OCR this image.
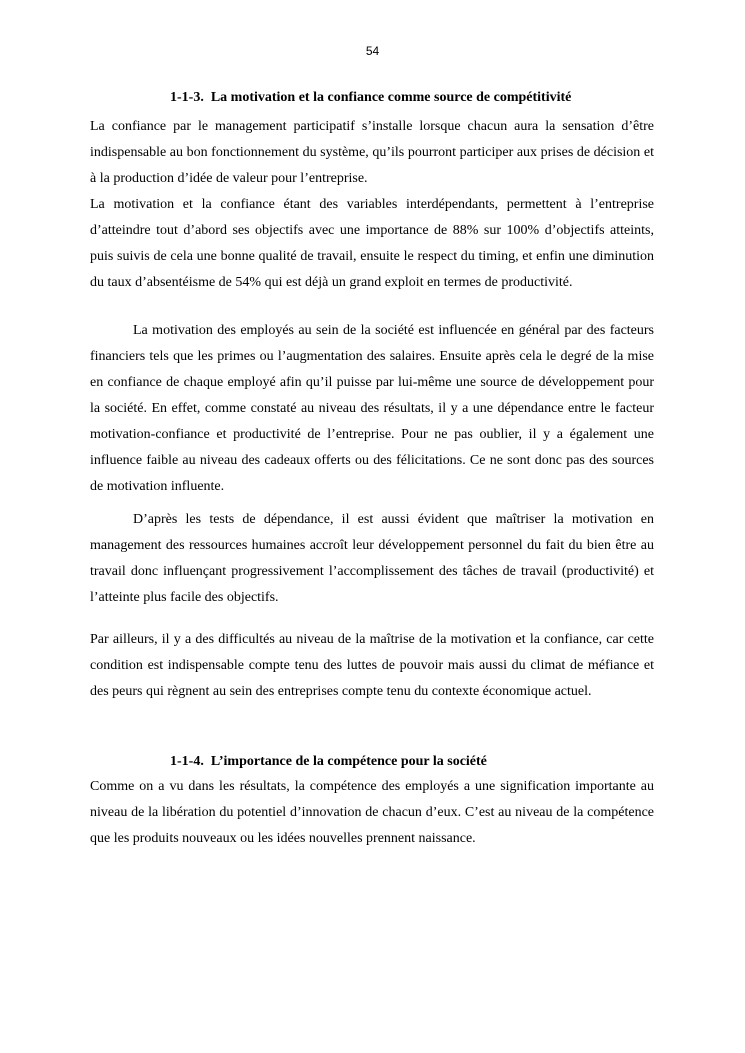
54
1-1-3. La motivation et la confiance comme source de compétitivité

La confiance par le management participatif s’installe lorsque chacun aura la sensation d’être indispensable au bon fonctionnement du système, qu’ils pourront participer aux prises de décision et à la production d’idée de valeur pour l’entreprise.

La motivation et la confiance étant des variables interdépendants, permettent à l’entreprise d’atteindre tout d’abord ses objectifs avec une importance de 88% sur 100% d’objectifs atteints, puis suivis de cela une bonne qualité de travail, ensuite le respect du timing, et enfin une diminution du taux d’absentéisme de 54% qui est déjà un grand exploit en termes de productivité.

La motivation des employés au sein de la société est influencée en général par des facteurs financiers tels que les primes ou l’augmentation des salaires. Ensuite après cela le degré de la mise en confiance de chaque employé afin qu’il puisse par lui-même une source de développement pour la société. En effet, comme constaté au niveau des résultats, il y a une dépendance entre le facteur motivation-confiance et productivité de l’entreprise. Pour ne pas oublier, il y a également une influence faible au niveau des cadeaux offerts ou des félicitations. Ce ne sont donc pas des sources de motivation influente.

D’après les tests de dépendance, il est aussi évident que maîtriser la motivation en management des ressources humaines accroît leur développement personnel du fait du bien être au travail donc influençant progressivement l’accomplissement des tâches de travail (productivité) et l’atteinte plus facile des objectifs.

Par ailleurs, il y a des difficultés au niveau de la maîtrise de la motivation et la confiance, car cette condition est indispensable compte tenu des luttes de pouvoir mais aussi du climat de méfiance et des peurs qui règnent au sein des entreprises compte tenu du contexte économique actuel.

1-1-4. L’importance de la compétence pour la société

Comme on a vu dans les résultats, la compétence des employés a une signification importante au niveau de la libération du potentiel d’innovation de chacun d’eux. C’est au niveau de la compétence que les produits nouveaux ou les idées nouvelles prennent naissance.
